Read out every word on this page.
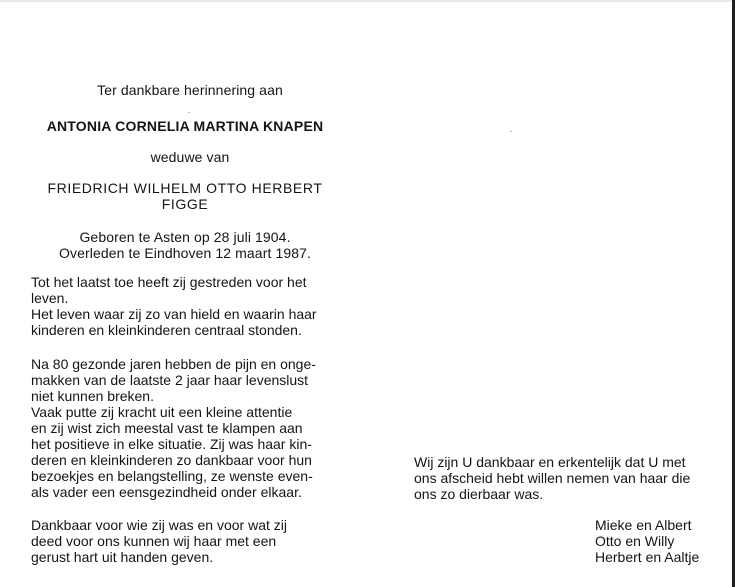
Ter dankbare herinnering aan
ANTONIA CORNELIA MARTINA KNAPEN
weduwe van
FRIEDRICH WILHELM OTTO HERBERT
FIGGE
Geboren te Asten op 28 juli 1904.
Overleden te Eindhoven 12 maart 1987.
Tot het laatst toe heeft zij gestreden voor het
leven.
Het leven waar zij zo van hield en waarin haar
kinderen en kleinkinderen centraal stonden.
Na 80 gezonde jaren hebben de pijn en onge-
makken van de laatste 2 jaar haar levenslust
niet kunnen breken.
Vaak putte zij kracht uit een kleine attentie
en zij wist zich meestal vast te klampen aan
het positieve in elke situatie. Zij was haar kin-
deren en kleinkinderen zo dankbaar voor hun
bezoekjes en belangstelling, ze wenste even-
als vader een eensgezindheid onder elkaar.
Dankbaar voor wie zij was en voor wat zij
deed voor ons kunnen wij haar met een
gerust hart uit handen geven.
Wij zijn U dankbaar en erkentelijk dat U met
ons afscheid hebt willen nemen van haar die
ons zo dierbaar was.
Mieke en Albert
Otto en Willy
Herbert en Aaltje
